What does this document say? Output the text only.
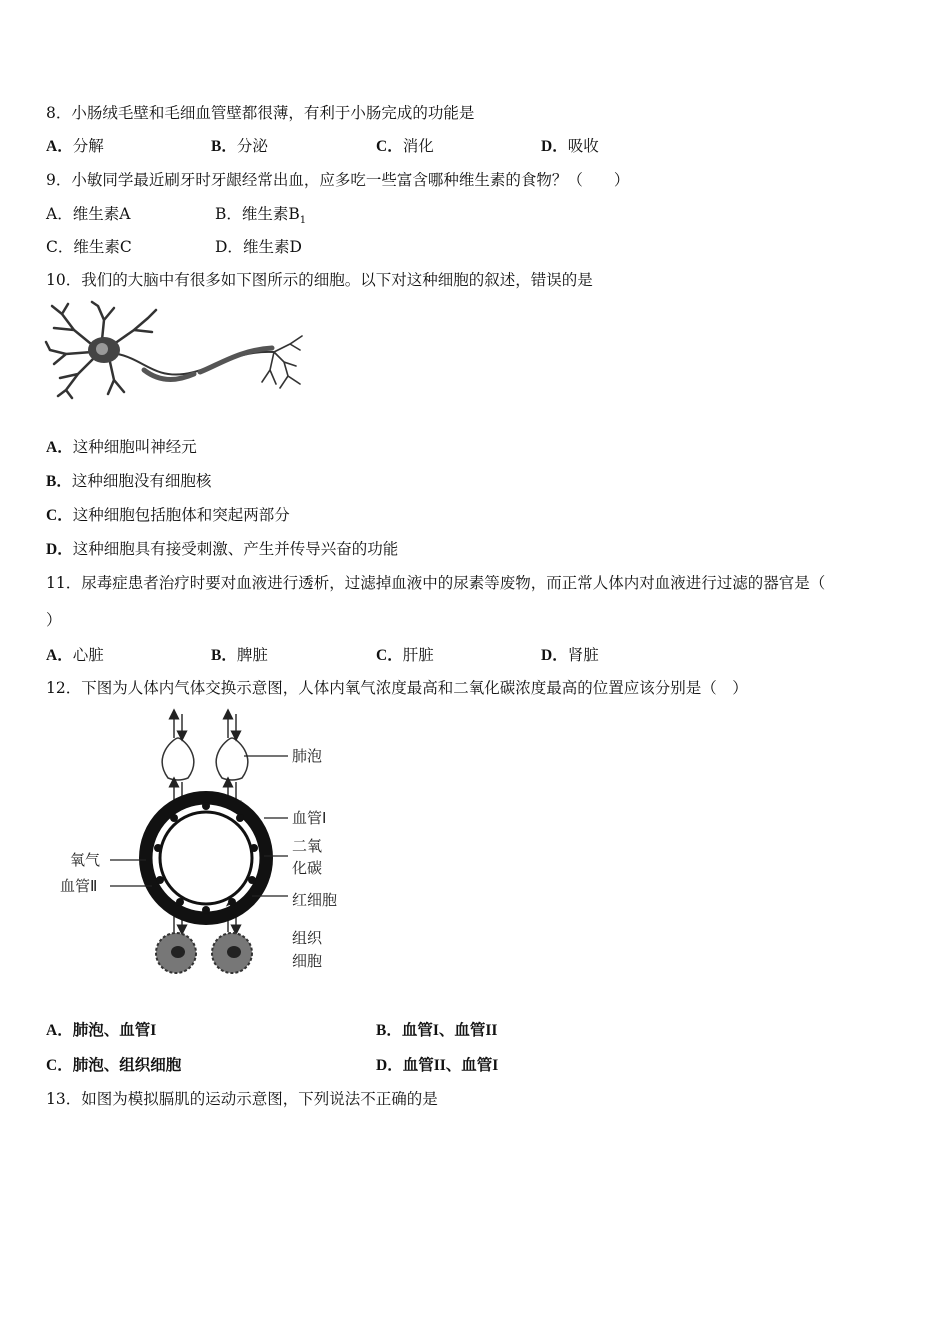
8．小肠绒毛壁和毛细血管壁都很薄，有利于小肠完成的功能是
A．分解	B．分泌	C．消化	D．吸收
9．小敏同学最近刷牙时牙龈经常出血，应多吃一些富含哪种维生素的食物？（　　）
A．维生素A	B．维生素$B_1$
C．维生素C	D．维生素D
10．我们的大脑中有很多如下图所示的细胞。以下对这种细胞的叙述，错误的是
A．这种细胞叫神经元
B．这种细胞没有细胞核
C．这种细胞包括胞体和突起两部分
D．这种细胞具有接受刺激、产生并传导兴奋的功能
11．尿毒症患者治疗时要对血液进行透析，过滤掉血液中的尿素等废物，而正常人体内对血液进行过滤的器官是（
）
A．心脏	B．脾脏	C．肝脏	D．肾脏
12．下图为人体内气体交换示意图，人体内氧气浓度最高和二氧化碳浓度最高的位置应该分别是（　）
肺泡
血管Ⅰ
二氧
化碳
红细胞
组织
细胞
氧气
血管Ⅱ
A．肺泡、血管I	B．血管I、血管II
C．肺泡、组织细胞	D．血管II、血管I
13．如图为模拟膈肌的运动示意图，下列说法不正确的是
